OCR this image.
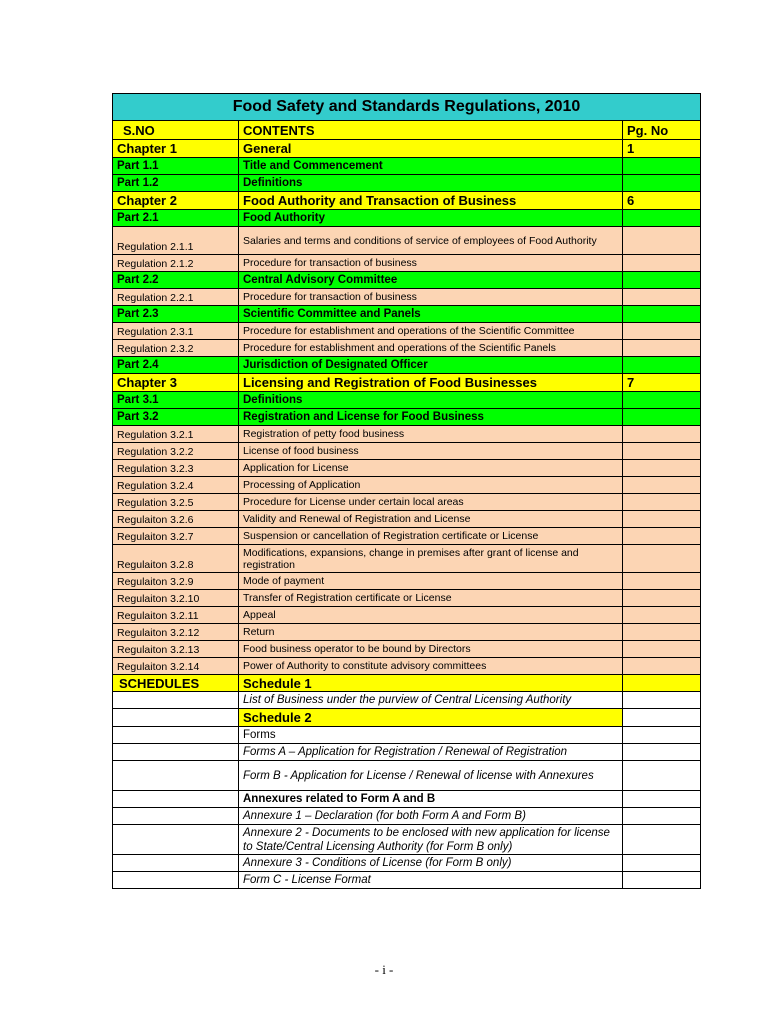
Food Safety and Standards Regulations, 2010		
S.NO	CONTENTS	Pg. No
Chapter 1	General	1
Part 1.1	Title and Commencement	
Part 1.2	Definitions	
Chapter 2	Food Authority and Transaction of Business	6
Part 2.1	Food Authority	
Regulation 2.1.1	Salaries and terms and conditions of service of employees of Food Authority	
Regulation 2.1.2	Procedure for transaction of business	
Part 2.2	Central Advisory Committee	
Regulation 2.2.1	Procedure for transaction of business	
Part 2.3	Scientific Committee and Panels	
Regulation 2.3.1	Procedure for establishment and operations of the Scientific Committee	
Regulation 2.3.2	Procedure for establishment and operations of the Scientific Panels	
Part 2.4	Jurisdiction of Designated Officer	
Chapter 3	Licensing and Registration of Food Businesses	7
Part 3.1	Definitions	
Part 3.2	Registration and License for Food Business	
Regulation 3.2.1	Registration of petty food business	
Regulation 3.2.2	License of food business	
Regulation 3.2.3	Application for License	
Regulation 3.2.4	Processing of Application	
Regulation 3.2.5	Procedure for License under certain local areas	
Regulaiton 3.2.6	Validity and Renewal of Registration and License	
Regulaiton 3.2.7	Suspension or cancellation of Registration certificate or License	
Regulaiton 3.2.8	Modifications, expansions, change in premises after grant of license and registration	
Regulaiton 3.2.9	Mode of payment	
Regulaiton 3.2.10	Transfer of Registration certificate or License	
Regulaiton 3.2.11	Appeal	
Regulaiton 3.2.12	Return	
Regulaiton 3.2.13	Food business operator to be bound by Directors	
Regulaiton 3.2.14	Power of Authority to constitute advisory committees	
SCHEDULES	Schedule 1	
	List of Business under the purview of Central Licensing Authority	
	Schedule 2	
	Forms	
	Forms A – Application for Registration / Renewal of Registration	
	Form B - Application for License / Renewal of license with Annexures	
	Annexures related to Form A and B	
	Annexure 1 – Declaration (for both Form A and Form B)	
	Annexure 2 - Documents to be enclosed with new application for license to State/Central Licensing Authority (for Form B only)	
	Annexure 3 - Conditions of License (for Form B only)	
	Form C - License Format	
- i -
